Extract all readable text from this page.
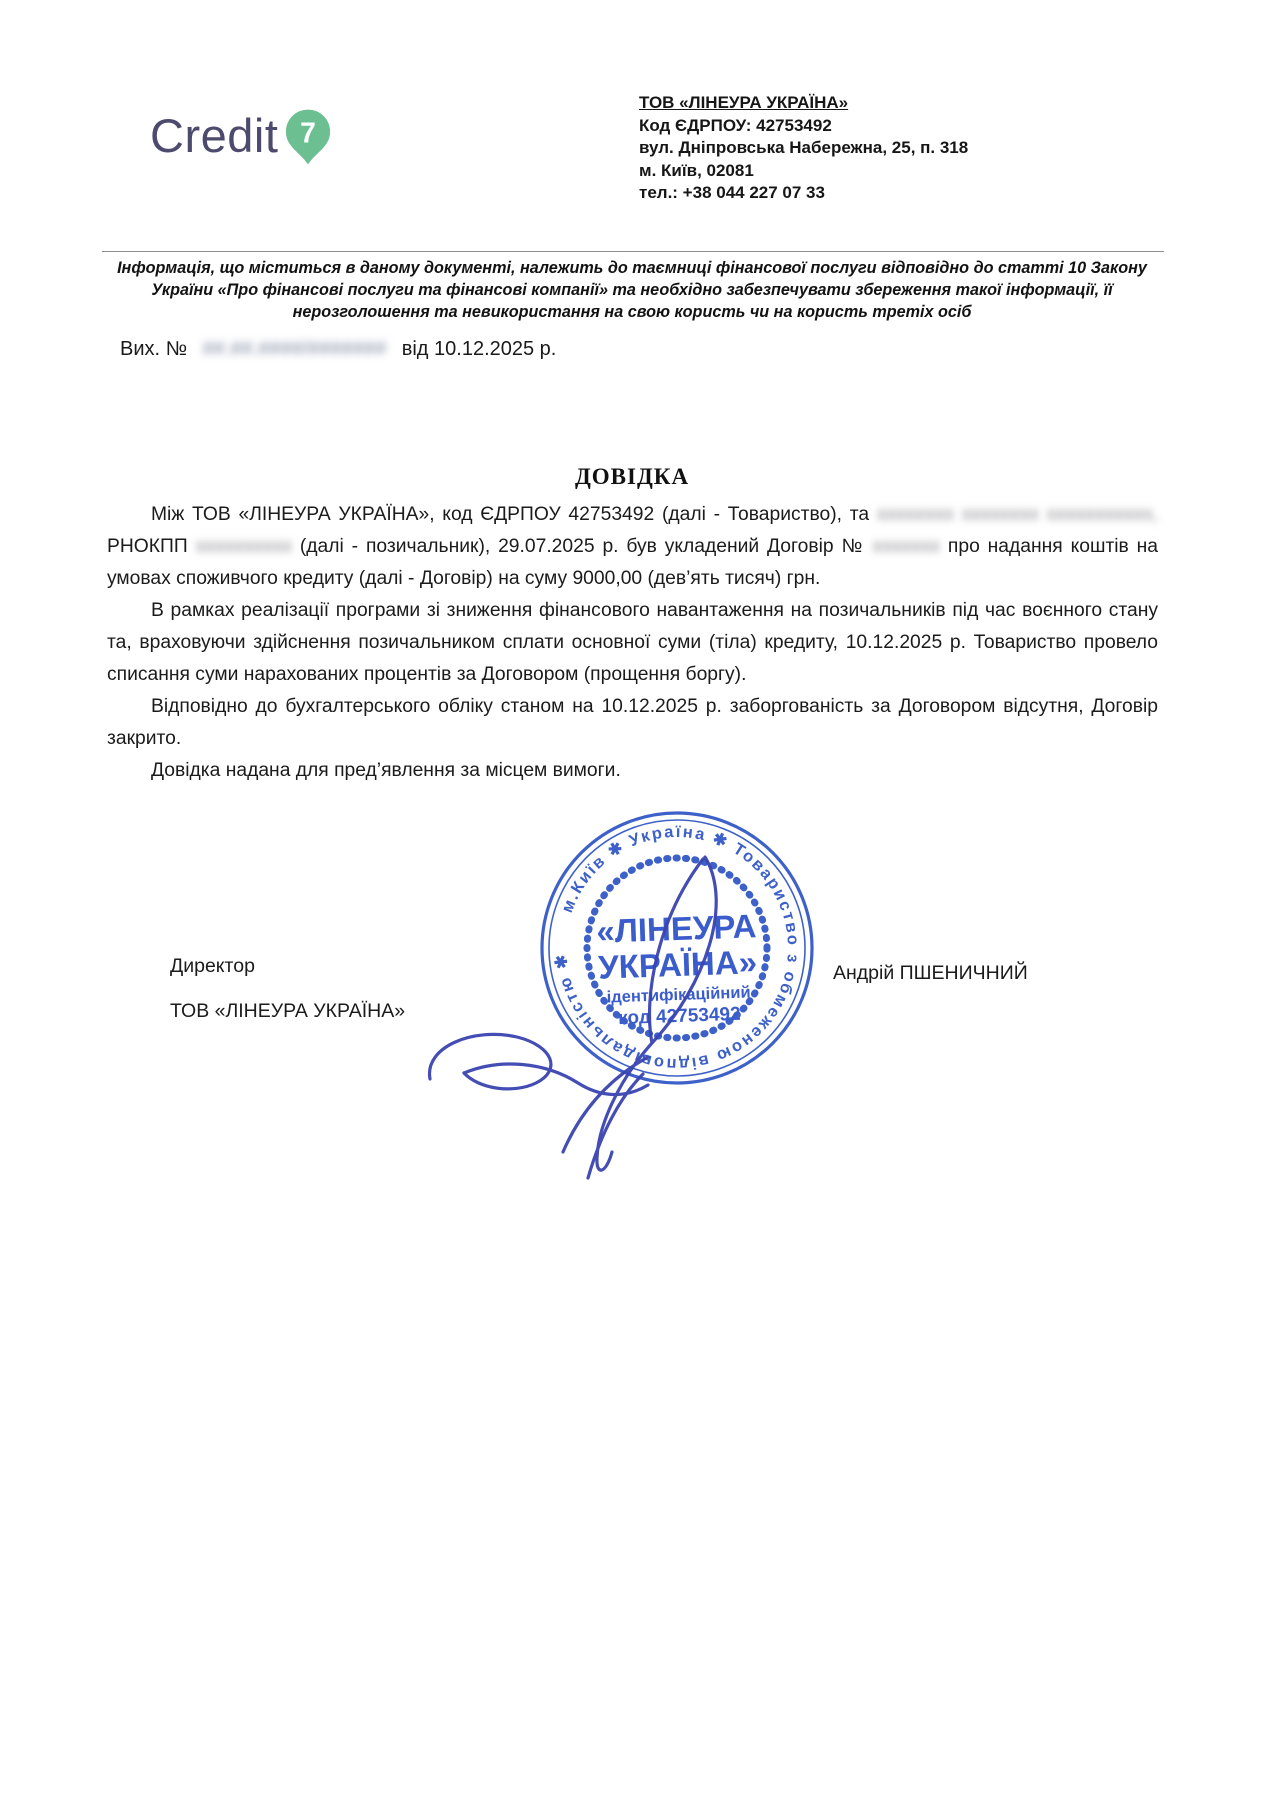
Credit 7
ТОВ «ЛІНЕУРА УКРАЇНА»
Код ЄДРПОУ: 42753492
вул. Дніпровська Набережна, 25, п. 318
м. Київ, 02081
тел.: +38 044 227 07 33
Інформація, що міститься в даному документі, належить до таємниці фінансової послуги відповідно до статті 10 Закону
України «Про фінансові послуги та фінансові компанії» та необхідно забезпечувати збереження такої інформації, її
нерозголошення та невикористання на свою користь чи на користь третіх осіб
Вих. № ##.##.####/####### від 10.12.2025 р.
ДОВІДКА

Між ТОВ «ЛІНЕУРА УКРАЇНА», код ЄДРПОУ 42753492 (далі - Товариство), та хххххххх хххххххх ххххххххххх, РНОКПП хххххххххх (далі - позичальник), 29.07.2025 р. був укладений Договір № ххххххх про надання коштів на умовах споживчого кредиту (далі - Договір) на суму 9000,00 (дев’ять тисяч) грн.

В рамках реалізації програми зі зниження фінансового навантаження на позичальників під час воєнного стану та, враховуючи здійснення позичальником сплати основної суми (тіла) кредиту, 10.12.2025 р. Товариство провело списання суми нарахованих процентів за Договором (прощення боргу).

Відповідно до бухгалтерського обліку станом на 10.12.2025 р. заборгованість за Договором відсутня, Договір закрито.

Довідка надана для пред’явлення за місцем вимоги.

Директор
ТОВ «ЛІНЕУРА УКРАЇНА»
Андрій ПШЕНИЧНИЙ
м.Київ ✱ Україна ✱ Товариство з обмеженою відповідальністю ✱
«ЛІНЕУРА
УКРАЇНА»
ідентифікаційний
код 42753492
